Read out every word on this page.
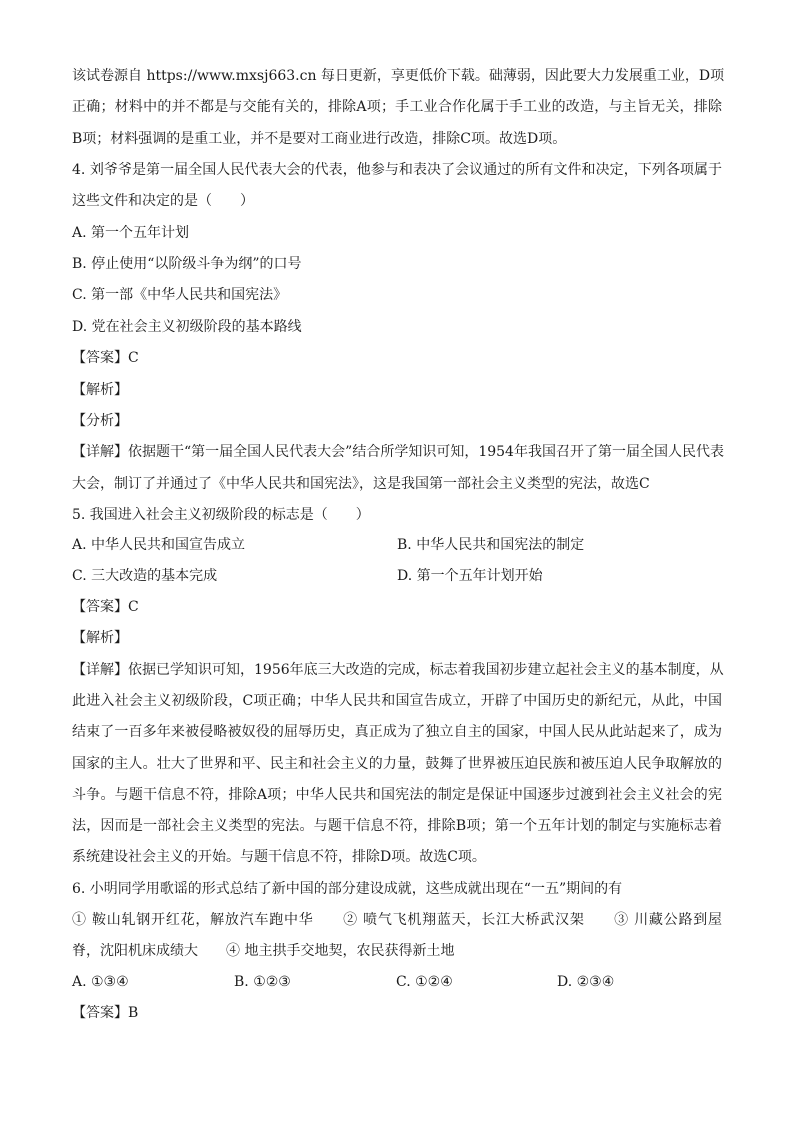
该试卷源自 https://www.mxsj663.cn 每日更新，享更低价下载。础薄弱，因此要大力发展重工业，D项
正确；材料中的并不都是与交能有关的，排除A项；手工业合作化属于手工业的改造，与主旨无关，排除
B项；材料强调的是重工业，并不是要对工商业进行改造，排除C项。故选D项。
4. 刘爷爷是第一届全国人民代表大会的代表，他参与和表决了会议通过的所有文件和决定，下列各项属于
这些文件和决定的是（　　）
A. 第一个五年计划
B. 停止使用“以阶级斗争为纲”的口号
C. 第一部《中华人民共和国宪法》
D. 党在社会主义初级阶段的基本路线
【答案】C
【解析】
【分析】
【详解】依据题干“第一届全国人民代表大会”结合所学知识可知，1954年我国召开了第一届全国人民代表
大会，制订了并通过了《中华人民共和国宪法》，这是我国第一部社会主义类型的宪法，故选C
5. 我国进入社会主义初级阶段的标志是（　　）
A. 中华人民共和国宣告成立	B. 中华人民共和国宪法的制定
C. 三大改造的基本完成	D. 第一个五年计划开始
【答案】C
【解析】
【详解】依据已学知识可知，1956年底三大改造的完成，标志着我国初步建立起社会主义的基本制度，从
此进入社会主义初级阶段，C项正确；中华人民共和国宣告成立，开辟了中国历史的新纪元，从此，中国
结束了一百多年来被侵略被奴役的屈辱历史，真正成为了独立自主的国家，中国人民从此站起来了，成为
国家的主人。壮大了世界和平、民主和社会主义的力量，鼓舞了世界被压迫民族和被压迫人民争取解放的
斗争。与题干信息不符，排除A项；中华人民共和国宪法的制定是保证中国逐步过渡到社会主义社会的宪
法，因而是一部社会主义类型的宪法。与题干信息不符，排除B项；第一个五年计划的制定与实施标志着
系统建设社会主义的开始。与题干信息不符，排除D项。故选C项。
6. 小明同学用歌谣的形式总结了新中国的部分建设成就，这些成就出现在“一五”期间的有
① 鞍山轧钢开红花，解放汽车跑中华　　② 喷气飞机翔蓝天，长江大桥武汉架　　③ 川藏公路到屋
脊，沈阳机床成绩大　　④ 地主拱手交地契，农民获得新土地
A. ①③④	B. ①②③	C. ①②④	D. ②③④
【答案】B
